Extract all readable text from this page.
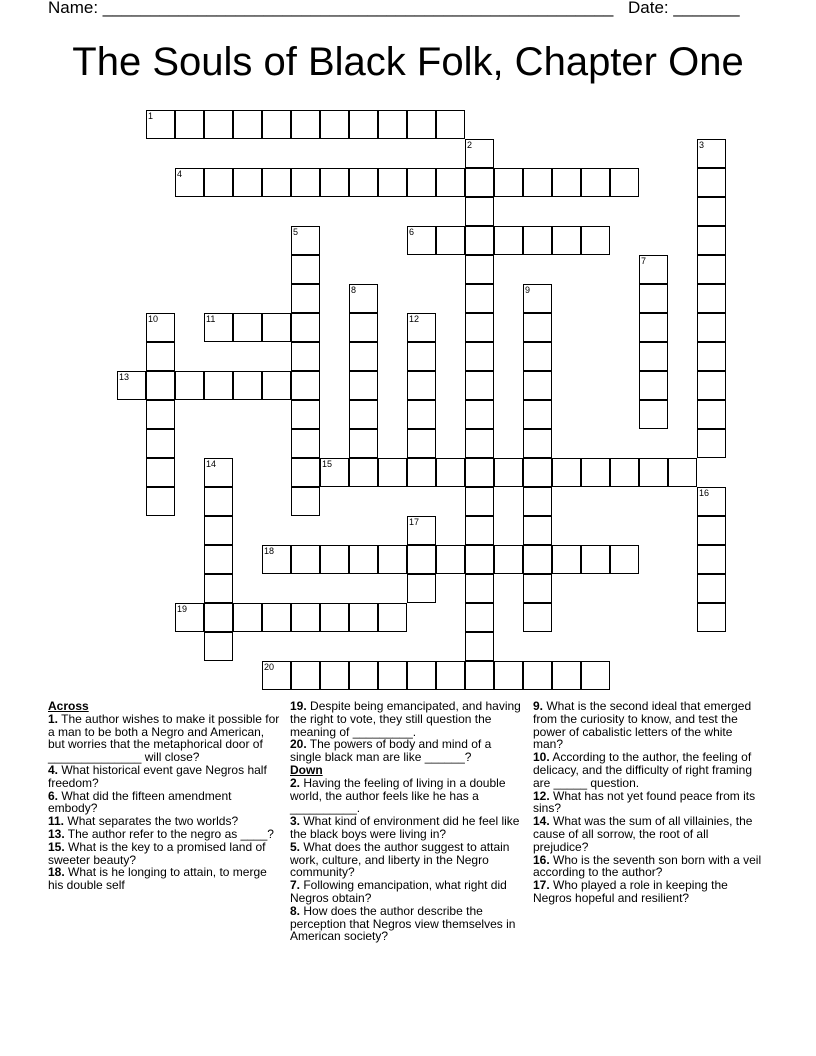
Name: ______________________________________________________ Date: _______
The Souls of Black Folk, Chapter One
1
2	3
4
5	6
7
8	9
10	11	12
13
14	15
16
17
18
19
20
Across

1. The author wishes to make it possible for a man to be both a Negro and American, but worries that the metaphorical door of ______________ will close?

4. What historical event gave Negros half freedom?

6. What did the fifteen amendment embody?

11. What separates the two worlds?

13. The author refer to the negro as ____?

15. What is the key to a promised land of sweeter beauty?

18. What is he longing to attain, to merge his double self

19. Despite being emancipated, and having the right to vote, they still question the meaning of _________.

20. The powers of body and mind of a single black man are like ______?

Down

2. Having the feeling of living in a double world, the author feels like he has a __________.

3. What kind of environment did he feel like the black boys were living in?

5. What does the author suggest to attain work, culture, and liberty in the Negro community?

7. Following emancipation, what right did Negros obtain?

8. How does the author describe the perception that Negros view themselves in American society?

9. What is the second ideal that emerged from the curiosity to know, and test the power of cabalistic letters of the white man?

10. According to the author, the feeling of delicacy, and the difficulty of right framing are _____ question.

12. What has not yet found peace from its sins?

14. What was the sum of all villainies, the cause of all sorrow, the root of all prejudice?

16. Who is the seventh son born with a veil according to the author?

17. Who played a role in keeping the Negros hopeful and resilient?
